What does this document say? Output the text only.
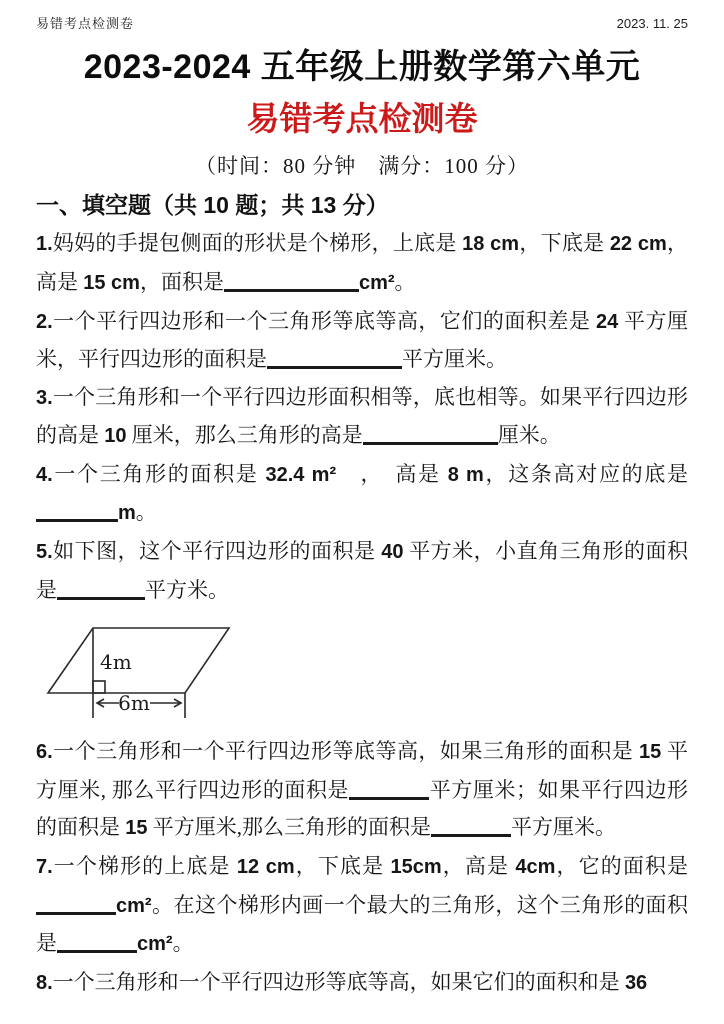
易错考点检测卷	2023. 11. 25
2023-2024 五年级上册数学第六单元
易错考点检测卷
（时间：80 分钟　满分：100 分）
一、填空题（共 10 题；共 13 分）

1.妈妈的手提包侧面的形状是个梯形，上底是 18 cm，下底是 22 cm，高是 15 cm，面积是	cm²。

2.一个平行四边形和一个三角形等底等高，它们的面积差是 24 平方厘米，平行四边形的面积是	平方厘米。

3.一个三角形和一个平行四边形面积相等，底也相等。如果平行四边形的高是 10 厘米，那么三角形的高是	厘米。

4.一个三角形的面积是 32.4 m²　，　高是 8 m，这条高对应的底是m。

5.如下图，这个平行四边形的面积是 40 平方米，小直角三角形的面积是	平方米。

4m
6m

6.一个三角形和一个平行四边形等底等高，如果三角形的面积是 15 平方厘米, 那么平行四边形的面积是	平方厘米；如果平行四边形的面积是 15 平方厘米,那么三角形的面积是	平方厘米。

7.一个梯形的上底是 12 cm，下底是 15cm，高是 4cm，它的面积是cm²。在这个梯形内画一个最大的三角形，这个三角形的面积是	cm²。

8.一个三角形和一个平行四边形等底等高，如果它们的面积和是 36
